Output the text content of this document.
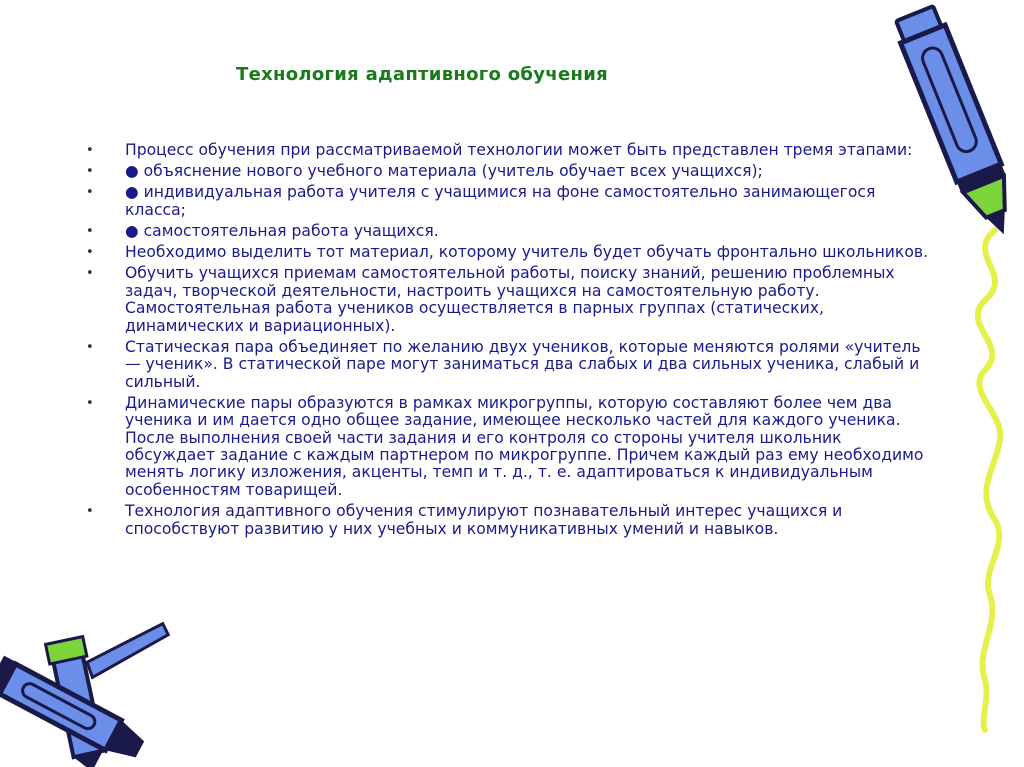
Технология адаптивного обучения
• Процесс обучения при рассматриваемой технологии может быть представлен тремя этапами:
• ● объяснение нового учебного материала (учитель обучает всех учащихся);
• ● индивидуальная работа учителя с учащимися на фоне самостоятельно занимающегося класса;
• ● самостоятельная работа учащихся.
• Необходимо выделить тот материал, которому учитель будет обучать фронтально школьников.
• Обучить учащихся приемам самостоятельной работы, поиску знаний, решению проблемных задач, творческой деятельности, настроить учащихся на самостоятельную работу. Самостоятельная работа учеников осуществляется в парных группах (статических, динамических и вариационных).
• Статическая пара объединяет по желанию двух учеников, которые меняются ролями «учитель — ученик». В статической паре могут заниматься два слабых и два сильных ученика, слабый и сильный.
• Динамические пары образуются в рамках микрогруппы, которую составляют более чем два ученика и им дается одно общее задание, имеющее несколько частей для каждого ученика. После выполнения своей части задания и его контроля со стороны учителя школьник обсуждает задание с каждым партнером по микрогруппе. Причем каждый раз ему необходимо менять логику изложения, акценты, темп и т. д., т. е. адаптироваться к индивидуальным особенностям товарищей.
• Технология адаптивного обучения стимулируют познавательный интерес учащихся и способствуют развитию у них учебных и коммуникативных умений и навыков.
